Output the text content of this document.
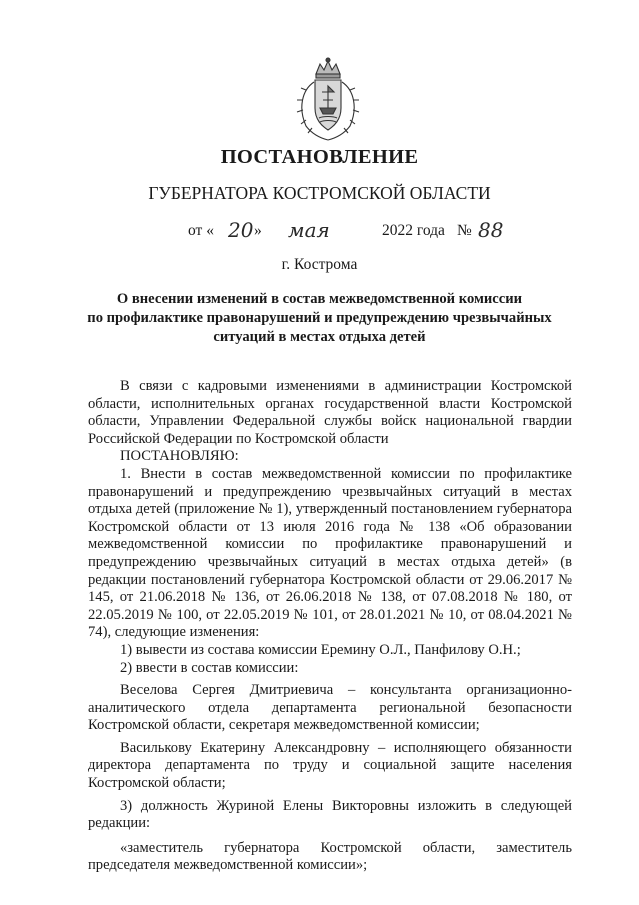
ПОСТАНОВЛЕНИЕ
ГУБЕРНАТОРА КОСТРОМСКОЙ ОБЛАСТИ
от « 20 » мая	2022 года № 88
г. Кострома
О внесении изменений в состав межведомственной комиссии
по профилактике правонарушений и предупреждению чрезвычайных
ситуаций в местах отдыха детей

В связи с кадровыми изменениями в администрации Костромской области, исполнительных органах государственной власти Костромской области, Управлении Федеральной службы войск национальной гвардии Российской Федерации по Костромской области

ПОСТАНОВЛЯЮ:

1. Внести в состав межведомственной комиссии по профилактике правонарушений и предупреждению чрезвычайных ситуаций в местах отдыха детей (приложение № 1), утвержденный постановлением губернатора Костромской области от 13 июля 2016 года № 138 «Об образовании межведомственной комиссии по профилактике правонарушений и предупреждению чрезвычайных ситуаций в местах отдыха детей» (в редакции постановлений губернатора Костромской области от 29.06.2017 № 145, от 21.06.2018 № 136, от 26.06.2018 № 138, от 07.08.2018 № 180, от 22.05.2019 № 100, от 22.05.2019 № 101, от 28.01.2021 № 10, от 08.04.2021 № 74), следующие изменения:

1) вывести из состава комиссии Еремину О.Л., Панфилову О.Н.;

2) ввести в состав комиссии:

Веселова Сергея Дмитриевича – консультанта организационно-аналитического отдела департамента региональной безопасности Костромской области, секретаря межведомственной комиссии;

Василькову Екатерину Александровну – исполняющего обязанности директора департамента по труду и социальной защите населения Костромской области;

3) должность Журиной Елены Викторовны изложить в следующей редакции:

«заместитель губернатора Костромской области, заместитель председателя межведомственной комиссии»;
